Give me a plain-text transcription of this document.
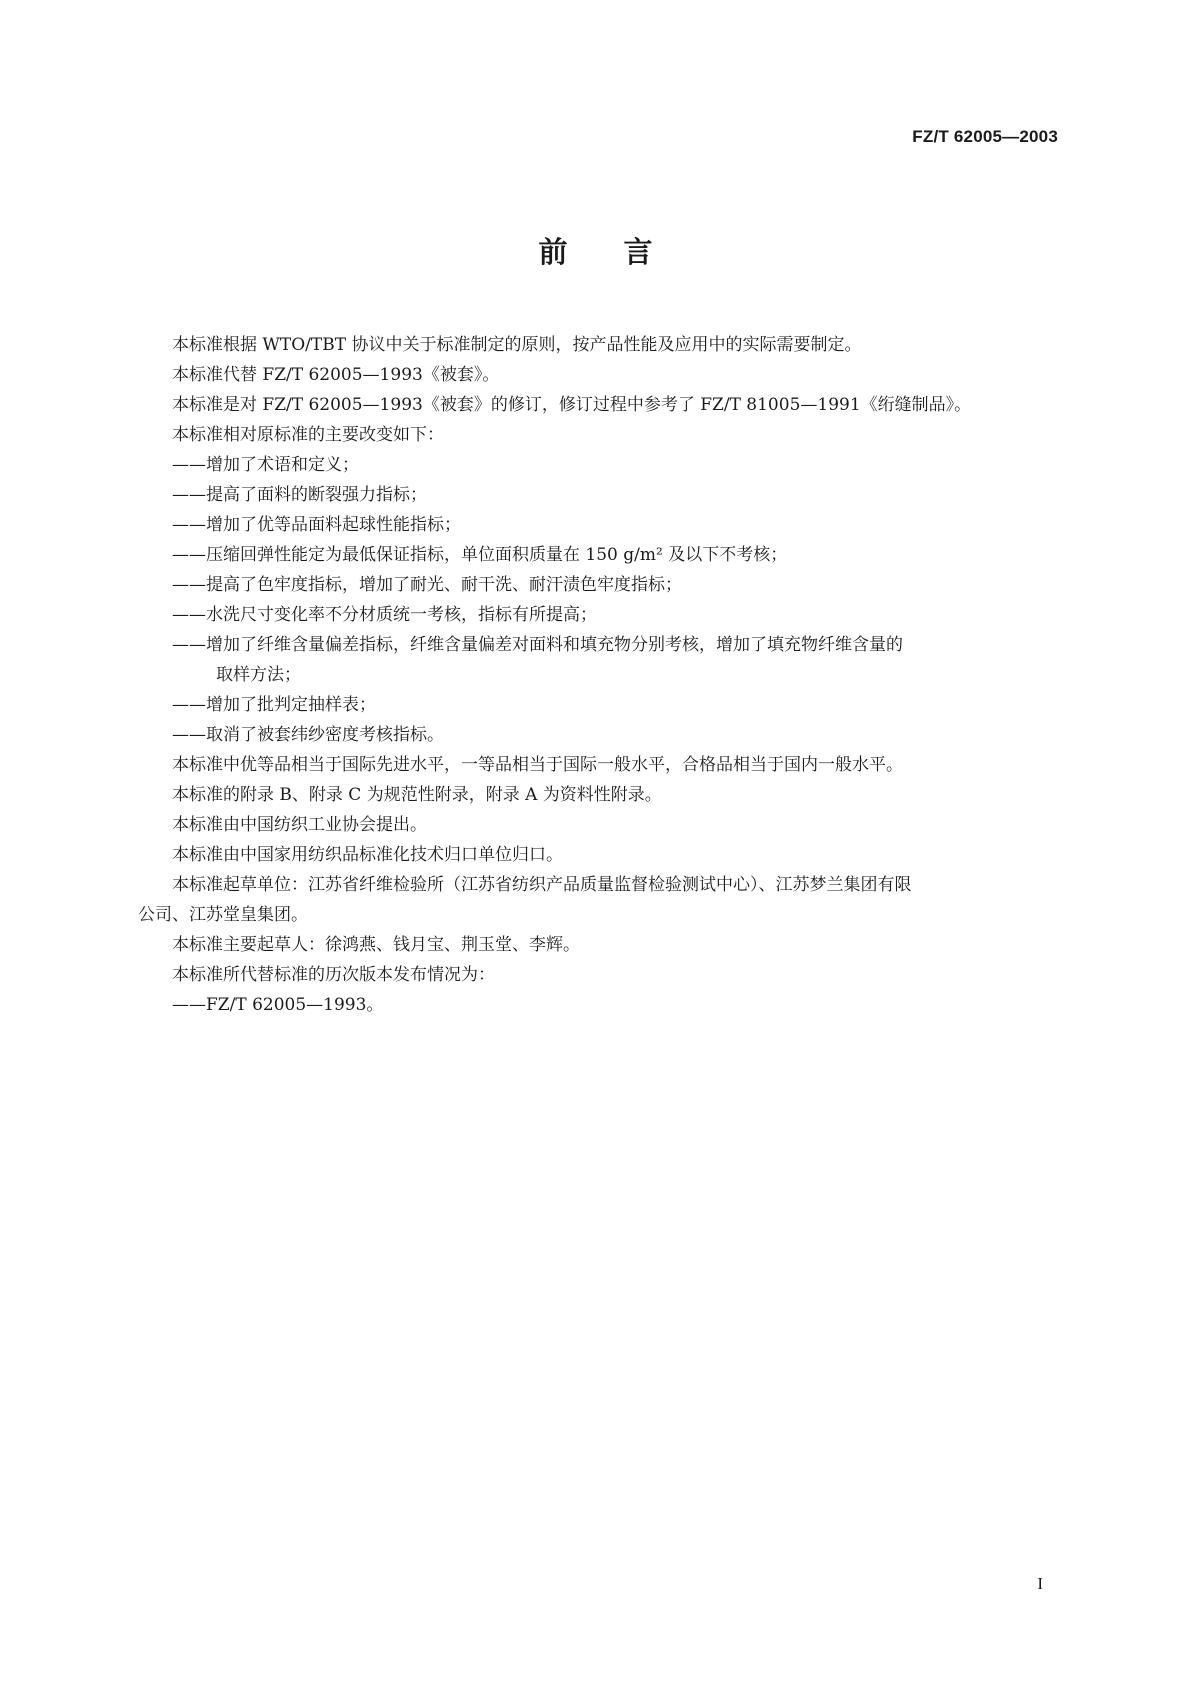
FZ/T 62005—2003
前言
本标准根据 WTO/TBT 协议中关于标准制定的原则，按产品性能及应用中的实际需要制定。
本标准代替 FZ/T 62005—1993《被套》。
本标准是对 FZ/T 62005—1993《被套》的修订，修订过程中参考了 FZ/T 81005—1991《绗缝制品》。
本标准相对原标准的主要改变如下：
——增加了术语和定义；
——提高了面料的断裂强力指标；
——增加了优等品面料起球性能指标；
——压缩回弹性能定为最低保证指标，单位面积质量在 150 g/m² 及以下不考核；
——提高了色牢度指标，增加了耐光、耐干洗、耐汗渍色牢度指标；
——水洗尺寸变化率不分材质统一考核，指标有所提高；
——增加了纤维含量偏差指标，纤维含量偏差对面料和填充物分别考核，增加了填充物纤维含量的
取样方法；
——增加了批判定抽样表；
——取消了被套纬纱密度考核指标。
本标准中优等品相当于国际先进水平，一等品相当于国际一般水平，合格品相当于国内一般水平。
本标准的附录 B、附录 C 为规范性附录，附录 A 为资料性附录。
本标准由中国纺织工业协会提出。
本标准由中国家用纺织品标准化技术归口单位归口。
本标准起草单位：江苏省纤维检验所（江苏省纺织产品质量监督检验测试中心）、江苏梦兰集团有限
公司、江苏堂皇集团。
本标准主要起草人：徐鸿燕、钱月宝、荆玉堂、李辉。
本标准所代替标准的历次版本发布情况为：
——FZ/T 62005—1993。
I
